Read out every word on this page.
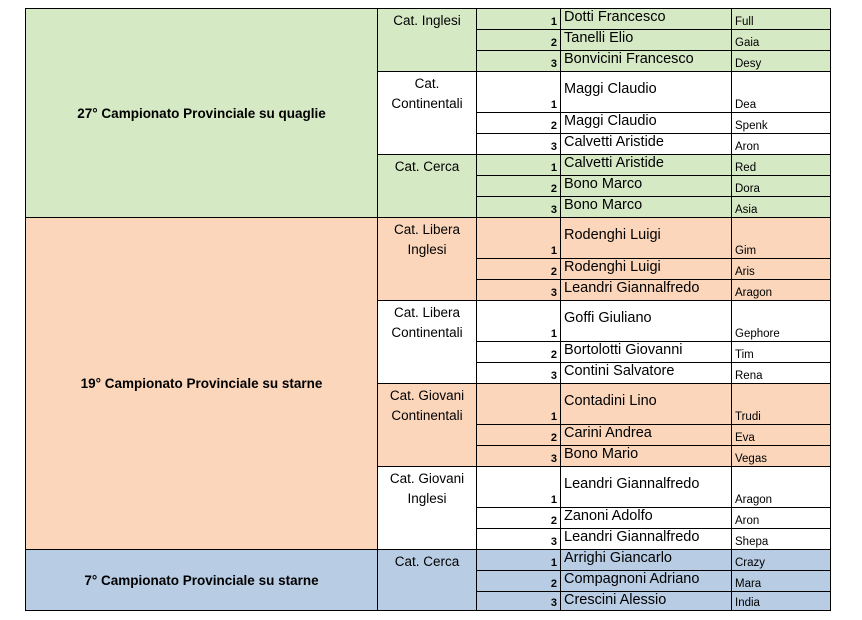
27° Campionato Provinciale su quaglie	Cat. Inglesi	1	Dotti Francesco	Full
		2	Tanelli Elio	Gaia
		3	Bonvicini Francesco	Desy
	Cat. Continentali	1	Maggi Claudio	Dea
		2	Maggi Claudio	Spenk
		3	Calvetti Aristide	Aron
	Cat. Cerca	1	Calvetti Aristide	Red
		2	Bono Marco	Dora
		3	Bono Marco	Asia
19° Campionato Provinciale su starne	Cat. Libera Inglesi	1	Rodenghi Luigi	Gim
		2	Rodenghi Luigi	Aris
		3	Leandri Giannalfredo	Aragon
	Cat. Libera Continentali	1	Goffi Giuliano	Gephore
		2	Bortolotti Giovanni	Tim
		3	Contini Salvatore	Rena
	Cat. Giovani Continentali	1	Contadini Lino	Trudi
		2	Carini Andrea	Eva
		3	Bono Mario	Vegas
	Cat. Giovani Inglesi	1	Leandri Giannalfredo	Aragon
		2	Zanoni Adolfo	Aron
		3	Leandri Giannalfredo	Shepa
7° Campionato Provinciale su starne	Cat. Cerca	1	Arrighi Giancarlo	Crazy
		2	Compagnoni Adriano	Mara
		3	Crescini Alessio	India
